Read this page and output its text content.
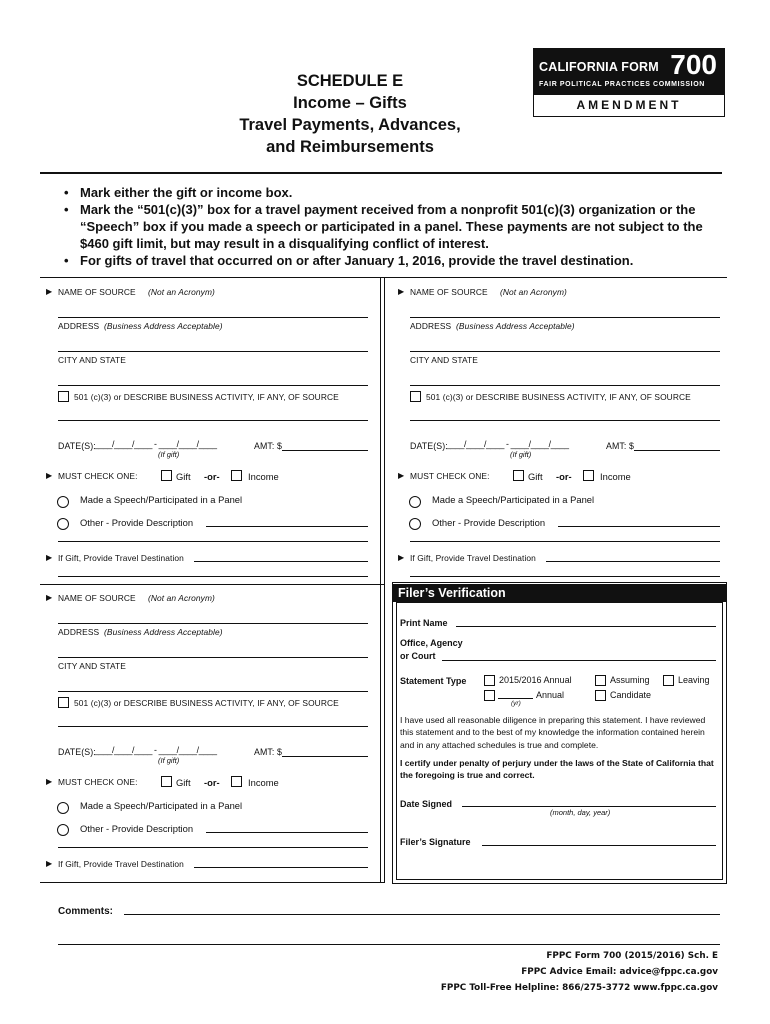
SCHEDULE E
Income – Gifts
Travel Payments, Advances,
and Reimbursements
CALIFORNIA FORM 700
FAIR POLITICAL PRACTICES COMMISSION
AMENDMENT
• Mark either the gift or income box.
• Mark the “501(c)(3)” box for a travel payment received from a nonprofit 501(c)(3) organization or the “Speech” box if you made a speech or participated in a panel. These payments are not subject to the $460 gift limit, but may result in a disqualifying conflict of interest.
• For gifts of travel that occurred on or after January 1, 2016, provide the travel destination.
▶ NAME OF SOURCE (Not an Acronym)
ADDRESS (Business Address Acceptable)
CITY AND STATE
501 (c)(3) or DESCRIBE BUSINESS ACTIVITY, IF ANY, OF SOURCE
DATE(S):
____/____/____ - ____/____/____	AMT: $
(If gift)
▶ MUST CHECK ONE:	Gift -or-	Income
Made a Speech/Participated in a Panel
Other - Provide Description
▶ If Gift, Provide Travel Destination
▶ NAME OF SOURCE (Not an Acronym)
ADDRESS (Business Address Acceptable)
CITY AND STATE
501 (c)(3) or DESCRIBE BUSINESS ACTIVITY, IF ANY, OF SOURCE
DATE(S):
____/____/____ - ____/____/____	AMT: $
(If gift)
▶ MUST CHECK ONE:	Gift -or-	Income
Made a Speech/Participated in a Panel
Other - Provide Description
▶ If Gift, Provide Travel Destination
▶ NAME OF SOURCE (Not an Acronym)
ADDRESS (Business Address Acceptable)
CITY AND STATE
501 (c)(3) or DESCRIBE BUSINESS ACTIVITY, IF ANY, OF SOURCE
DATE(S):
____/____/____ - ____/____/____	AMT: $
(If gift)
▶ MUST CHECK ONE:	Gift -or-	Income
Made a Speech/Participated in a Panel
Other - Provide Description
▶ If Gift, Provide Travel Destination
Filer’s Verification
Print Name
Office, Agency
or Court
Statement Type	2015/2016 Annual	Assuming	Leaving
Annual
(yr)
Candidate
I have used all reasonable diligence in preparing this statement. I have reviewed this statement and to the best of my knowledge the information contained herein and in any attached schedules is true and complete.
I certify under penalty of perjury under the laws of the State of California that the foregoing is true and correct.
Date Signed
(month, day, year)
Filer’s Signature
Comments:
FPPC Form 700 (2015/2016) Sch. E
FPPC Advice Email: advice@fppc.ca.gov
FPPC Toll-Free Helpline: 866/275-3772 www.fppc.ca.gov
